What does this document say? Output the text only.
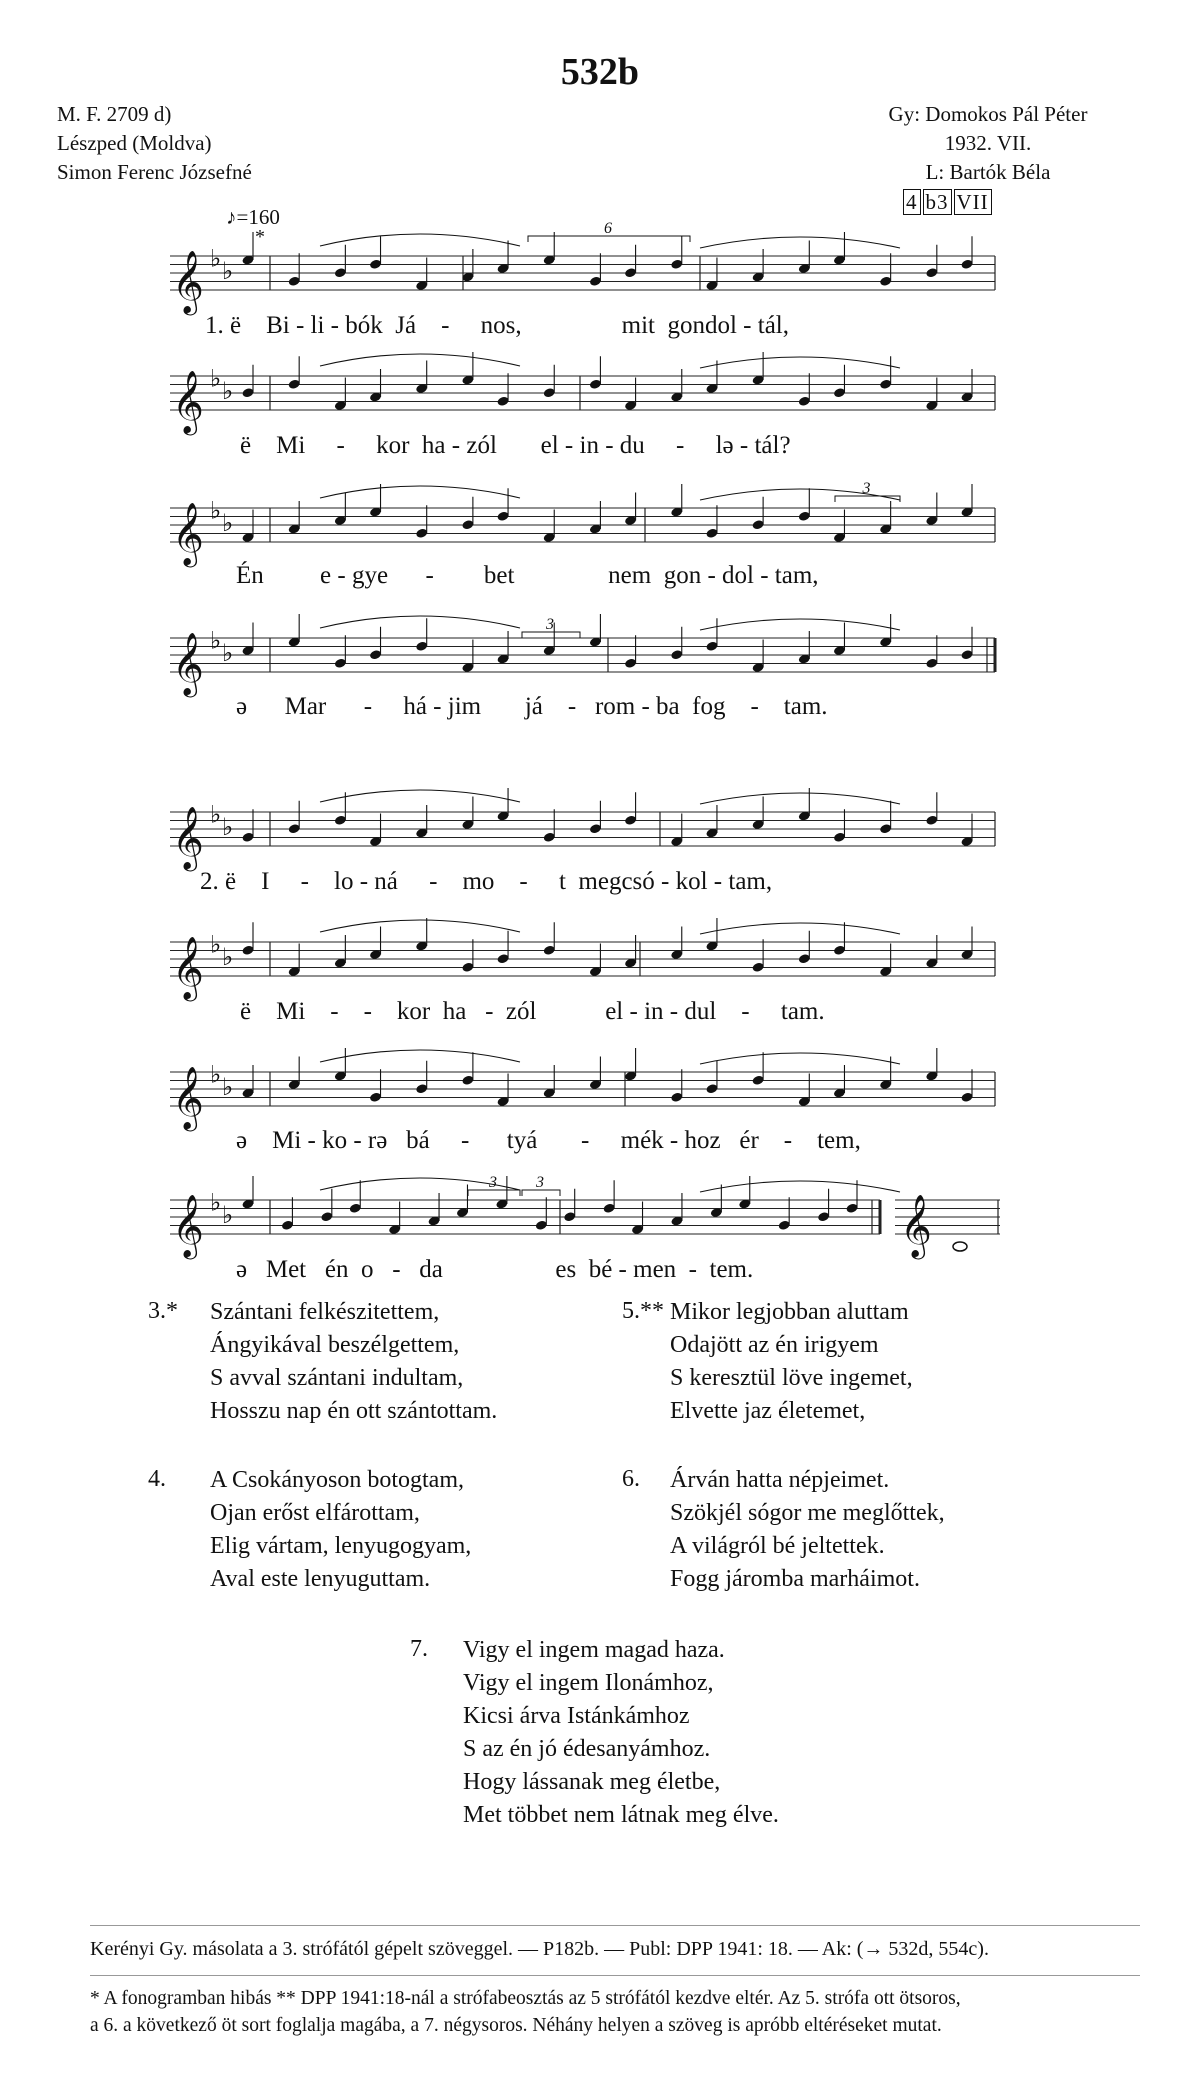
532b
M. F. 2709 d)
Lészped (Moldva)
Simon Ferenc Józsefné
Gy: Domokos Pál Péter
1932. VII.
L: Bartók Béla
4 b3 VII
♪=160
*
𝄞 ♭ ♭
𝄞 ♭ ♭
𝄞 ♭ ♭
𝄞 ♭ ♭
𝄞 ♭ ♭
𝄞 ♭ ♭
𝄞 ♭ ♭
𝄞 ♭ ♭	𝄞
6
3
3
3 3
1. ë    Bi - li - bók  Já    -     nos,                mit  gondol - tál,
ë    Mi     -     kor  ha - zól       el - in - du     -     lə - tál?
Én         e - gye      -        bet               nem  gon - dol - tam,
ə      Mar      -     há - jim       já    -   rom - ba  fog    -    tam.
2. ë    I     -    lo - ná     -    mo    -     t  megcsó - kol - tam,
ë    Mi    -    -    kor  ha   -  zól           el - in - dul    -     tam.
ə    Mi - ko - rə   bá     -      tyá       -     mék - hoz   ér    -    tem,
ə   Met   én  o   -   da                  es  bé - men  -  tem.
3.* Szántani felkészitettem,
Ángyikával beszélgettem,
S avval szántani indultam,
Hosszu nap én ott szántottam.
5.** Mikor legjobban aluttam
Odajött az én irigyem
S keresztül löve ingemet,
Elvette jaz életemet,
4. A Csokányoson botogtam,
Ojan erőst elfárottam,
Elig vártam, lenyugogyam,
Aval este lenyuguttam.
6. Árván hatta népjeimet.
Szökjél sógor me meglőttek,
A világról bé jeltettek.
Fogg járomba marháimot.
7. Vigy el ingem magad haza.
Vigy el ingem Ilonámhoz,
Kicsi árva Istánkámhoz
S az én jó édesanyámhoz.
Hogy lássanak meg életbe,
Met többet nem látnak meg élve.
Kerényi Gy. másolata a 3. strófától gépelt szöveggel. — P182b. — Publ: DPP 1941: 18. — Ak: (→ 532d, 554c).
* A fonogramban hibás ** DPP 1941:18-nál a strófabeosztás az 5 strófától kezdve eltér. Az 5. strófa ott ötsoros,
a 6. a következő öt sort foglalja magába, a 7. négysoros. Néhány helyen a szöveg is apróbb eltéréseket mutat.
